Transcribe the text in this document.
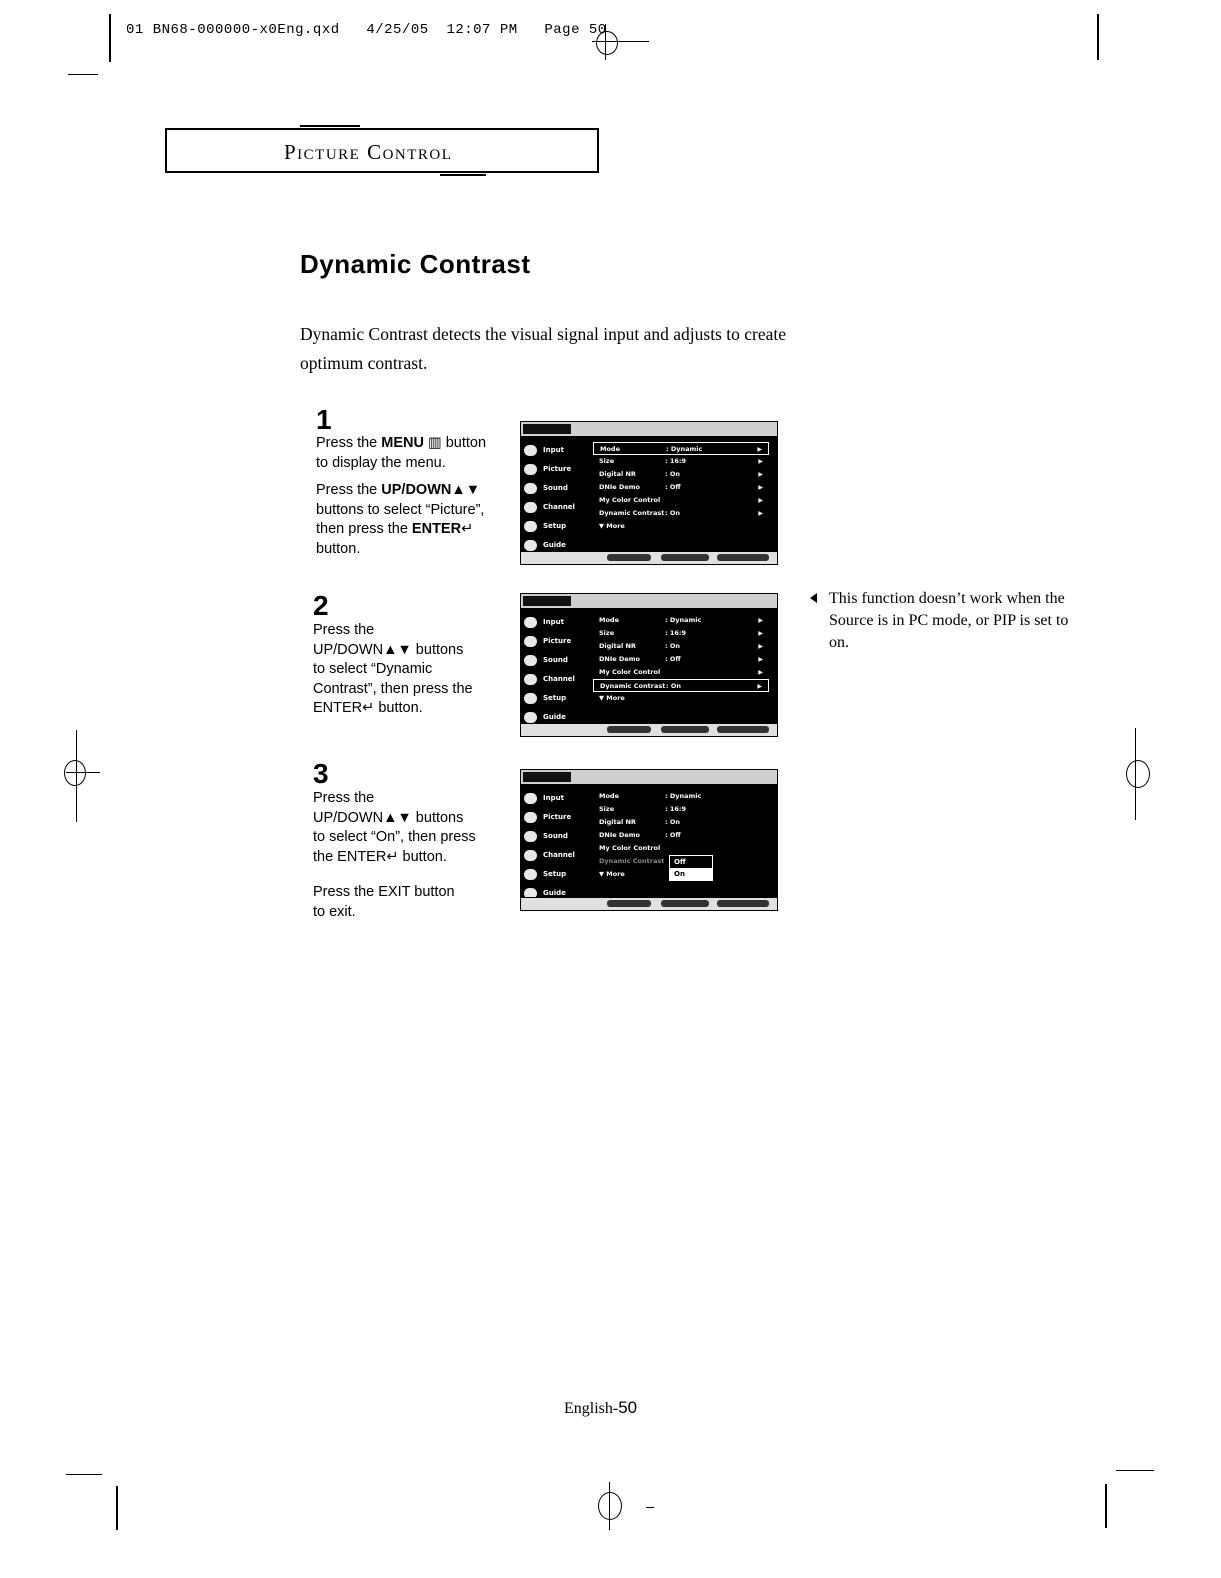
01 BN68-000000-x0Eng.qxd   4/25/05  12:07 PM   Page 50
Picture Control
Dynamic Contrast
Dynamic Contrast detects the visual signal input and adjusts to create optimum contrast.
1
Press the MENU ▥ button
to display the menu.
Press the UP/DOWN▲▼
buttons to select “Picture”,
then press the ENTER↵
button.
Input
Picture
Sound
Channel
Setup
Guide
Mode	: Dynamic	▶
Size	: 16:9	▶
Digital NR	: On	▶
DNIe Demo	: Off	▶
My Color Control	▶
Dynamic Contrast : On	▶
▼ More
2
Press the
UP/DOWN▲▼ buttons
to select “Dynamic
Contrast”, then press the
ENTER↵ button.
Input
Picture
Sound
Channel
Setup
Guide
Mode	: Dynamic	▶
Size	: 16:9	▶
Digital NR	: On	▶
DNIe Demo	: Off	▶
My Color Control	▶
Dynamic Contrast : On	▶
▼ More
3
Press the
UP/DOWN▲▼ buttons
to select “On”, then press
the ENTER↵ button.
Press the EXIT button
to exit.
Input
Picture
Sound
Channel
Setup
Guide
Mode	: Dynamic
Size	: 16:9
Digital NR	: On
DNIe Demo	: Off
My Color Control
Dynamic Contrast
▼ More
Off
On
This function doesn’t work when the Source is in PC mode, or PIP is set to on.
English-50
